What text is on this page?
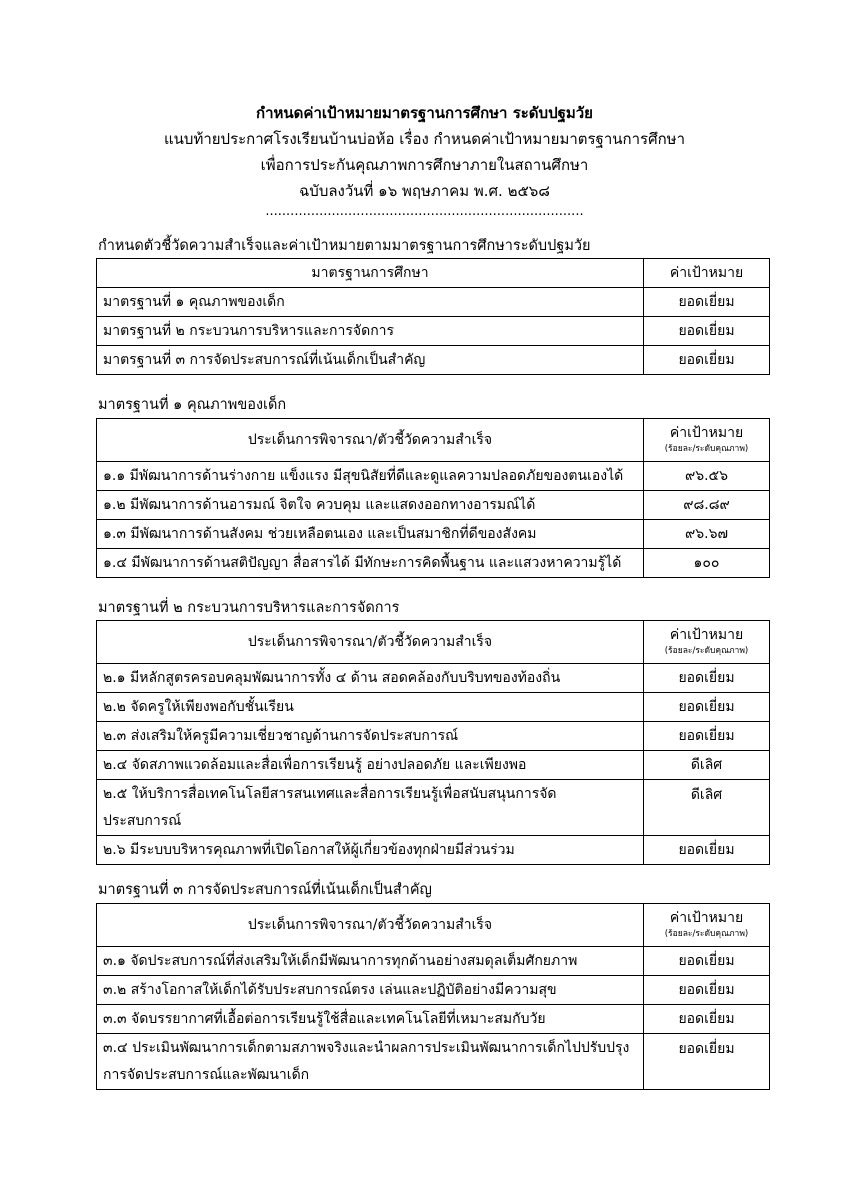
กำหนดค่าเป้าหมายมาตรฐานการศึกษา ระดับปฐมวัย
แนบท้ายประกาศโรงเรียนบ้านบ่อห้อ เรื่อง กำหนดค่าเป้าหมายมาตรฐานการศึกษา
เพื่อการประกันคุณภาพการศึกษาภายในสถานศึกษา
ฉบับลงวันที่ ๑๖ พฤษภาคม พ.ศ. ๒๕๖๘
.............................................................................
กำหนดตัวชี้วัดความสำเร็จและค่าเป้าหมายตามมาตรฐานการศึกษาระดับปฐมวัย
มาตรฐานการศึกษา	ค่าเป้าหมาย
มาตรฐานที่ ๑ คุณภาพของเด็ก	ยอดเยี่ยม
มาตรฐานที่ ๒ กระบวนการบริหารและการจัดการ	ยอดเยี่ยม
มาตรฐานที่ ๓ การจัดประสบการณ์ที่เน้นเด็กเป็นสำคัญ	ยอดเยี่ยม
มาตรฐานที่ ๑ คุณภาพของเด็ก
ประเด็นการพิจารณา/ตัวชี้วัดความสำเร็จ	ค่าเป้าหมาย
(ร้อยละ/ระดับคุณภาพ)

๑.๑ มีพัฒนาการด้านร่างกาย แข็งแรง มีสุขนิสัยที่ดีและดูแลความปลอดภัยของตนเองได้	๙๖.๕๖
๑.๒ มีพัฒนาการด้านอารมณ์ จิตใจ ควบคุม และแสดงออกทางอารมณ์ได้	๙๘.๘๙
๑.๓ มีพัฒนาการด้านสังคม ช่วยเหลือตนเอง และเป็นสมาชิกที่ดีของสังคม	๙๖.๖๗
๑.๔ มีพัฒนาการด้านสติปัญญา สื่อสารได้ มีทักษะการคิดพื้นฐาน และแสวงหาความรู้ได้	๑๐๐
มาตรฐานที่ ๒ กระบวนการบริหารและการจัดการ
ประเด็นการพิจารณา/ตัวชี้วัดความสำเร็จ	ค่าเป้าหมาย
(ร้อยละ/ระดับคุณภาพ)

๒.๑ มีหลักสูตรครอบคลุมพัฒนาการทั้ง ๔ ด้าน สอดคล้องกับบริบทของท้องถิ่น	ยอดเยี่ยม
๒.๒ จัดครูให้เพียงพอกับชั้นเรียน	ยอดเยี่ยม
๒.๓ ส่งเสริมให้ครูมีความเชี่ยวชาญด้านการจัดประสบการณ์	ยอดเยี่ยม
๒.๔ จัดสภาพแวดล้อมและสื่อเพื่อการเรียนรู้ อย่างปลอดภัย และเพียงพอ	ดีเลิศ

๒.๕ ให้บริการสื่อเทคโนโลยีสารสนเทศและสื่อการเรียนรู้เพื่อสนับสนุนการจัด
ประสบการณ์	ดีเลิศ
๒.๖ มีระบบบริหารคุณภาพที่เปิดโอกาสให้ผู้เกี่ยวข้องทุกฝ่ายมีส่วนร่วม	ยอดเยี่ยม
มาตรฐานที่ ๓ การจัดประสบการณ์ที่เน้นเด็กเป็นสำคัญ
ประเด็นการพิจารณา/ตัวชี้วัดความสำเร็จ	ค่าเป้าหมาย
(ร้อยละ/ระดับคุณภาพ)

๓.๑ จัดประสบการณ์ที่ส่งเสริมให้เด็กมีพัฒนาการทุกด้านอย่างสมดุลเต็มศักยภาพ	ยอดเยี่ยม
๓.๒ สร้างโอกาสให้เด็กได้รับประสบการณ์ตรง เล่นและปฏิบัติอย่างมีความสุข	ยอดเยี่ยม
๓.๓ จัดบรรยากาศที่เอื้อต่อการเรียนรู้ใช้สื่อและเทคโนโลยีที่เหมาะสมกับวัย	ยอดเยี่ยม

๓.๔ ประเมินพัฒนาการเด็กตามสภาพจริงและนำผลการประเมินพัฒนาการเด็กไปปรับปรุง
การจัดประสบการณ์และพัฒนาเด็ก	ยอดเยี่ยม
